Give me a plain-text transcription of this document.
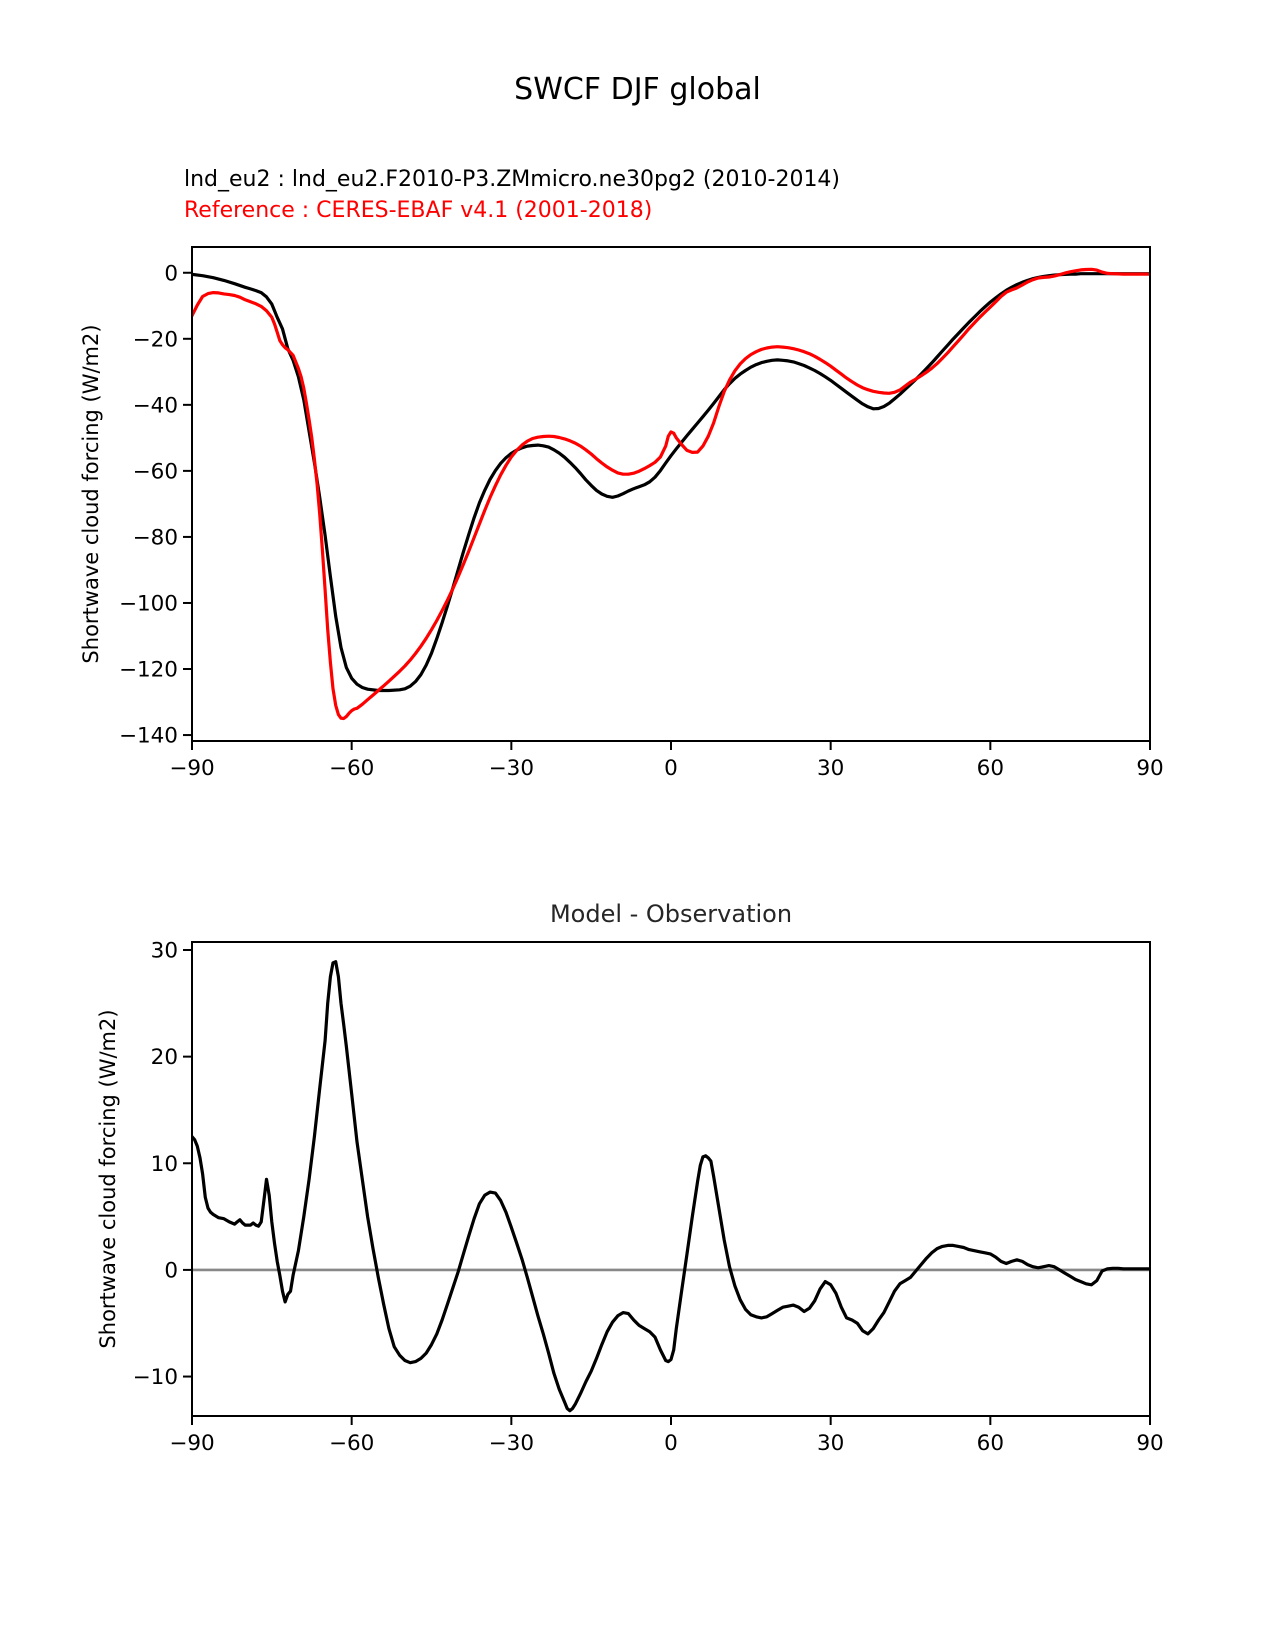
SWCF DJF global
lnd_eu2 : lnd_eu2.F2010-P3.ZMmicro.ne30pg2 (2010-2014)
Reference : CERES-EBAF v4.1 (2001-2018)
Shortwave cloud forcing (W/m2)
Shortwave cloud forcing (W/m2)
Model - Observation
−90	−60	−30	0	30	60	90
0
−20
−40
−60
−80
−100
−120
−140
−90	−60	−30	0	30	60	90
30
20
10
0
−10
